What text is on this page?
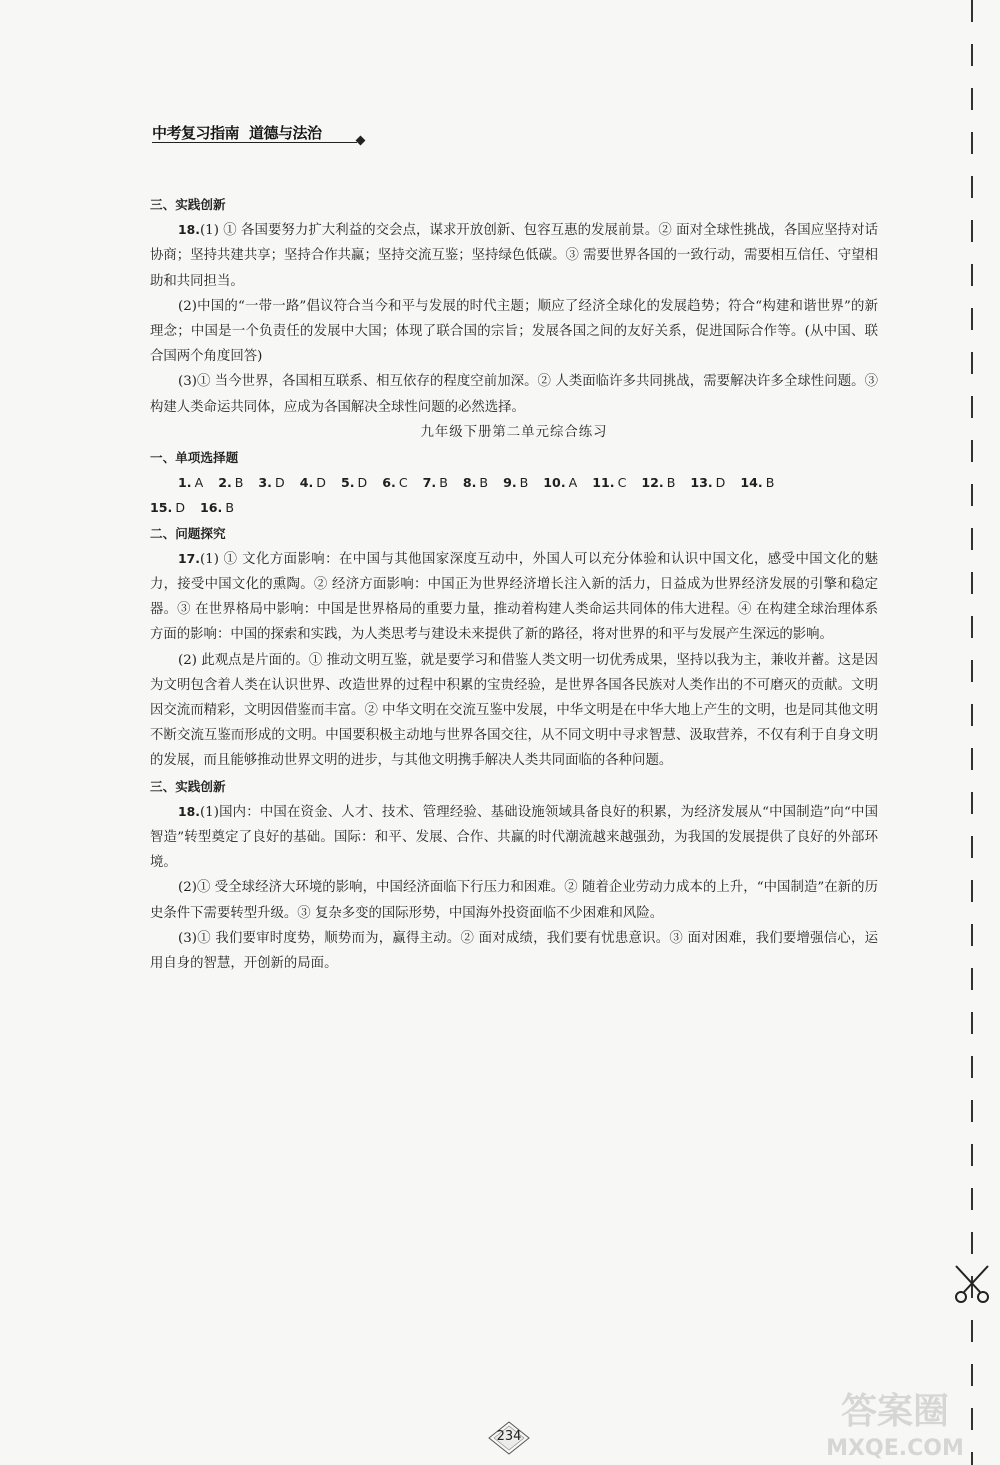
中考复习指南 道德与法治

三、实践创新

18.(1) ① 各国要努力扩大利益的交会点，谋求开放创新、包容互惠的发展前景。② 面对全球性挑战，各国应坚持对话协商；坚持共建共享；坚持合作共赢；坚持交流互鉴；坚持绿色低碳。③ 需要世界各国的一致行动，需要相互信任、守望相助和共同担当。

(2)中国的“一带一路”倡议符合当今和平与发展的时代主题；顺应了经济全球化的发展趋势；符合“构建和谐世界”的新理念；中国是一个负责任的发展中大国；体现了联合国的宗旨；发展各国之间的友好关系，促进国际合作等。(从中国、联合国两个角度回答)

(3)① 当今世界，各国相互联系、相互依存的程度空前加深。② 人类面临许多共同挑战，需要解决许多全球性问题。③ 构建人类命运共同体，应成为各国解决全球性问题的必然选择。

九年级下册第二单元综合练习

一、单项选择题

1. A 2. B 3. D 4. D 5. D 6. C 7. B 8. B 9. B 10. A 11. C 12. B 13. D 14. B

15. D 16. B

二、问题探究

17.(1) ① 文化方面影响：在中国与其他国家深度互动中，外国人可以充分体验和认识中国文化，感受中国文化的魅力，接受中国文化的熏陶。② 经济方面影响：中国正为世界经济增长注入新的活力，日益成为世界经济发展的引擎和稳定器。③ 在世界格局中影响：中国是世界格局的重要力量，推动着构建人类命运共同体的伟大进程。④ 在构建全球治理体系方面的影响：中国的探索和实践，为人类思考与建设未来提供了新的路径，将对世界的和平与发展产生深远的影响。

(2) 此观点是片面的。① 推动文明互鉴，就是要学习和借鉴人类文明一切优秀成果，坚持以我为主，兼收并蓄。这是因为文明包含着人类在认识世界、改造世界的过程中积累的宝贵经验，是世界各国各民族对人类作出的不可磨灭的贡献。文明因交流而精彩，文明因借鉴而丰富。② 中华文明在交流互鉴中发展，中华文明是在中华大地上产生的文明，也是同其他文明不断交流互鉴而形成的文明。中国要积极主动地与世界各国交往，从不同文明中寻求智慧、汲取营养，不仅有利于自身文明的发展，而且能够推动世界文明的进步，与其他文明携手解决人类共同面临的各种问题。

三、实践创新

18.(1)国内：中国在资金、人才、技术、管理经验、基础设施领域具备良好的积累，为经济发展从“中国制造”向“中国智造”转型奠定了良好的基础。国际：和平、发展、合作、共赢的时代潮流越来越强劲，为我国的发展提供了良好的外部环境。

(2)① 受全球经济大环境的影响，中国经济面临下行压力和困难。② 随着企业劳动力成本的上升，“中国制造”在新的历史条件下需要转型升级。③ 复杂多变的国际形势，中国海外投资面临不少困难和风险。

(3)① 我们要审时度势，顺势而为，赢得主动。② 面对成绩，我们要有忧患意识。③ 面对困难，我们要增强信心，运用自身的智慧，开创新的局面。

234
答案圈
MXQE.COM
